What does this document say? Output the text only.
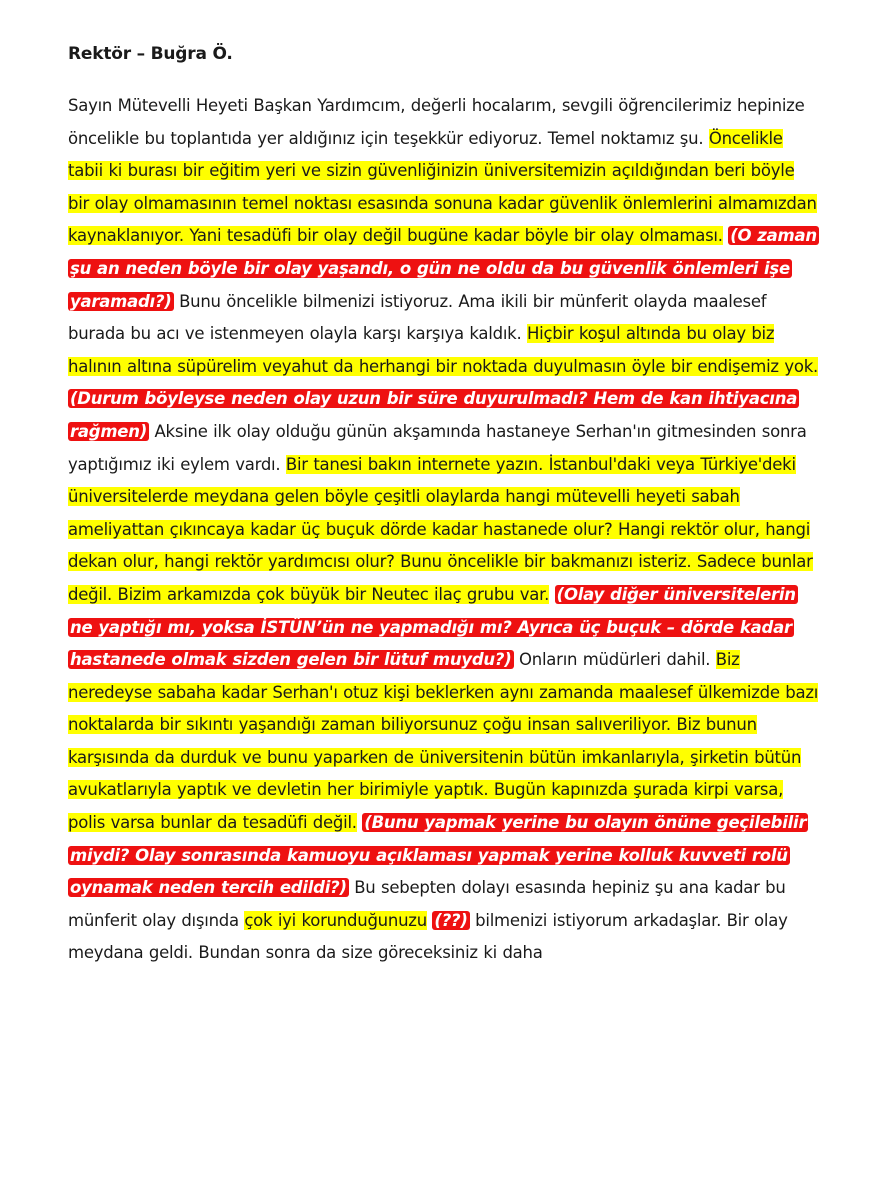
Rektör – Buğra Ö.

Sayın Mütevelli Heyeti Başkan Yardımcım, değerli hocalarım, sevgili öğrencilerimiz hepinize öncelikle bu toplantıda yer aldığınız için teşekkür ediyoruz. Temel noktamız şu. Öncelikle tabii ki burası bir eğitim yeri ve sizin güvenliğinizin üniversitemizin açıldığından beri böyle bir olay olmamasının temel noktası esasında sonuna kadar güvenlik önlemlerini almamızdan kaynaklanıyor. Yani tesadüfi bir olay değil bugüne kadar böyle bir olay olmaması. (O zaman şu an neden böyle bir olay yaşandı, o gün ne oldu da bu güvenlik önlemleri işe yaramadı?) Bunu öncelikle bilmenizi istiyoruz. Ama ikili bir münferit olayda maalesef burada bu acı ve istenmeyen olayla karşı karşıya kaldık. Hiçbir koşul altında bu olay biz halının altına süpürelim veyahut da herhangi bir noktada duyulmasın öyle bir endişemiz yok. (Durum böyleyse neden olay uzun bir süre duyurulmadı? Hem de kan ihtiyacına rağmen) Aksine ilk olay olduğu günün akşamında hastaneye Serhan'ın gitmesinden sonra yaptığımız iki eylem vardı. Bir tanesi bakın internete yazın. İstanbul'daki veya Türkiye'deki üniversitelerde meydana gelen böyle çeşitli olaylarda hangi mütevelli heyeti sabah ameliyattan çıkıncaya kadar üç buçuk dörde kadar hastanede olur? Hangi rektör olur, hangi dekan olur, hangi rektör yardımcısı olur? Bunu öncelikle bir bakmanızı isteriz. Sadece bunlar değil. Bizim arkamızda çok büyük bir Neutec ilaç grubu var. (Olay diğer üniversitelerin ne yaptığı mı, yoksa İSTÜN’ün ne yapmadığı mı? Ayrıca üç buçuk – dörde kadar hastanede olmak sizden gelen bir lütuf muydu?) Onların müdürleri dahil. Biz neredeyse sabaha kadar Serhan'ı otuz kişi beklerken aynı zamanda maalesef ülkemizde bazı noktalarda bir sıkıntı yaşandığı zaman biliyorsunuz çoğu insan salıveriliyor. Biz bunun karşısında da durduk ve bunu yaparken de üniversitenin bütün imkanlarıyla, şirketin bütün avukatlarıyla yaptık ve devletin her birimiyle yaptık. Bugün kapınızda şurada kirpi varsa, polis varsa bunlar da tesadüfi değil. (Bunu yapmak yerine bu olayın önüne geçilebilir miydi? Olay sonrasında kamuoyu açıklaması yapmak yerine kolluk kuvveti rolü oynamak neden tercih edildi?) Bu sebepten dolayı esasında hepiniz şu ana kadar bu münferit olay dışında çok iyi korunduğunuzu (??) bilmenizi istiyorum arkadaşlar. Bir olay meydana geldi. Bundan sonra da size göreceksiniz ki daha
